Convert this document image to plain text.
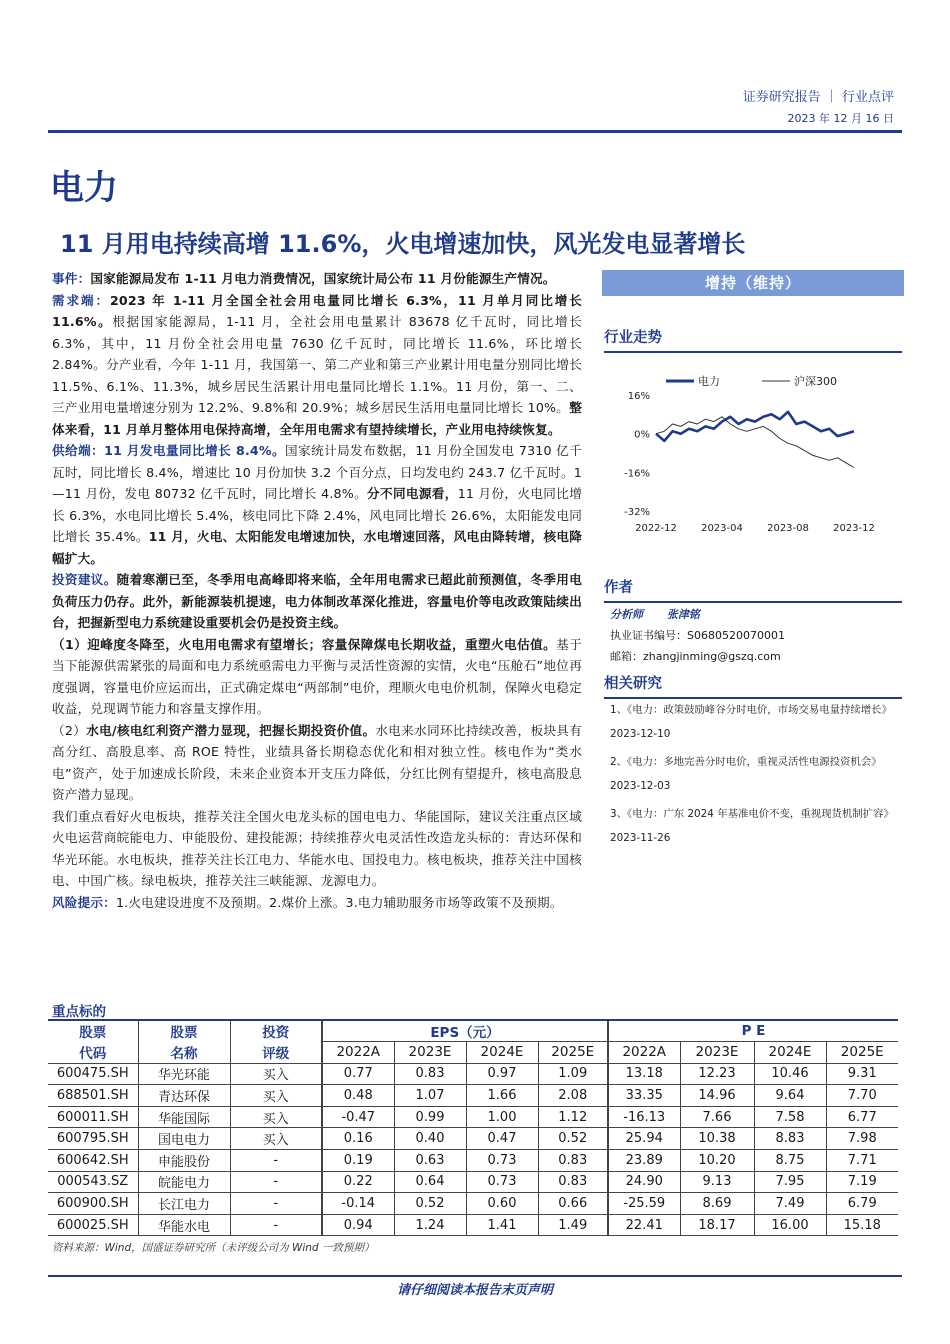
证券研究报告 ｜ 行业点评
2023 年 12 月 16 日
电力
11 月用电持续高增 11.6%，火电增速加快，风光发电显著增长

事件：国家能源局发布 1-11 月电力消费情况，国家统计局公布 11 月份能源生产情况。

需求端：2023 年 1-11 月全国全社会用电量同比增长 6.3%，11 月单月同比增长 11.6%。根据国家能源局，1-11 月，全社会用电量累计 83678 亿千瓦时，同比增长 6.3%，其中，11 月份全社会用电量 7630 亿千瓦时，同比增长 11.6%，环比增长 2.84%。分产业看，今年 1-11 月，我国第一、第二产业和第三产业累计用电量分别同比增长 11.5%、6.1%、11.3%，城乡居民生活累计用电量同比增长 1.1%。11 月份，第一、二、三产业用电量增速分别为 12.2%、9.8%和 20.9%；城乡居民生活用电量同比增长 10%。整体来看，11 月单月整体用电保持高增，全年用电需求有望持续增长，产业用电持续恢复。

供给端：11 月发电量同比增长 8.4%。国家统计局发布数据，11 月份全国发电 7310 亿千瓦时，同比增长 8.4%，增速比 10 月份加快 3.2 个百分点，日均发电约 243.7 亿千瓦时。1—11 月份，发电 80732 亿千瓦时，同比增长 4.8%。分不同电源看，11 月份，火电同比增长 6.3%，水电同比增长 5.4%，核电同比下降 2.4%，风电同比增长 26.6%，太阳能发电同比增长 35.4%。11 月，火电、太阳能发电增速加快，水电增速回落，风电由降转增，核电降幅扩大。

投资建议。随着寒潮已至，冬季用电高峰即将来临，全年用电需求已超此前预测值，冬季用电负荷压力仍存。此外，新能源装机提速，电力体制改革深化推进，容量电价等电改政策陆续出台，把握新型电力系统建设重要机会仍是投资主线。

（1）迎峰度冬降至，火电用电需求有望增长；容量保障煤电长期收益，重塑火电估值。基于当下能源供需紧张的局面和电力系统亟需电力平衡与灵活性资源的实情，火电“压舱石”地位再度强调，容量电价应运而出，正式确定煤电“两部制”电价，理顺火电电价机制，保障火电稳定收益，兑现调节能力和容量支撑作用。

（2）水电/核电红利资产潜力显现，把握长期投资价值。水电来水同环比持续改善，板块具有高分红、高股息率、高 ROE 特性，业绩具备长期稳态优化和相对独立性。核电作为“类水电”资产，处于加速成长阶段，未来企业资本开支压力降低，分红比例有望提升，核电高股息资产潜力显现。

我们重点看好火电板块，推荐关注全国火电龙头标的国电电力、华能国际，建议关注重点区域火电运营商皖能电力、申能股份、建投能源；持续推荐火电灵活性改造龙头标的：青达环保和华光环能。水电板块，推荐关注长江电力、华能水电、国投电力。核电板块，推荐关注中国核电、中国广核。绿电板块，推荐关注三峡能源、龙源电力。

风险提示：1.火电建设进度不及预期。2.煤价上涨。3.电力辅助服务市场等政策不及预期。

增持（维持）
行业走势
电力	沪深300
16%
0%
-16%
-32%
2022-12 2023-04 2023-08 2023-12
作者
分析师 张津铭
执业证书编号：S0680520070001
邮箱：zhangjinming@gszq.com
相关研究
1、《电力：政策鼓励峰谷分时电价，市场交易电量持续增长》2023-12-10
2、《电力：多地完善分时电价，重视灵活性电源投资机会》2023-12-03
3、《电力：广东 2024 年基准电价不变，重视现货机制扩容》2023-11-26
重点标的
股票	股票	投资	EPS（元）				P E			
代码	名称	评级	2022A	2023E	2024E	2025E	2022A	2023E	2024E	2025E
600475.SH	华光环能	买入	0.77	0.83	0.97	1.09	13.18	12.23	10.46	9.31
688501.SH	青达环保	买入	0.48	1.07	1.66	2.08	33.35	14.96	9.64	7.70
600011.SH	华能国际	买入	-0.47	0.99	1.00	1.12	-16.13	7.66	7.58	6.77
600795.SH	国电电力	买入	0.16	0.40	0.47	0.52	25.94	10.38	8.83	7.98
600642.SH	申能股份	-	0.19	0.63	0.73	0.83	23.89	10.20	8.75	7.71
000543.SZ	皖能电力	-	0.22	0.64	0.73	0.83	24.90	9.13	7.95	7.19
600900.SH	长江电力	-	-0.14	0.52	0.60	0.66	-25.59	8.69	7.49	6.79
600025.SH	华能水电	-	0.94	1.24	1.41	1.49	22.41	18.17	16.00	15.18
资料来源：Wind，国盛证券研究所（未评级公司为 Wind 一致预期）
请仔细阅读本报告末页声明
